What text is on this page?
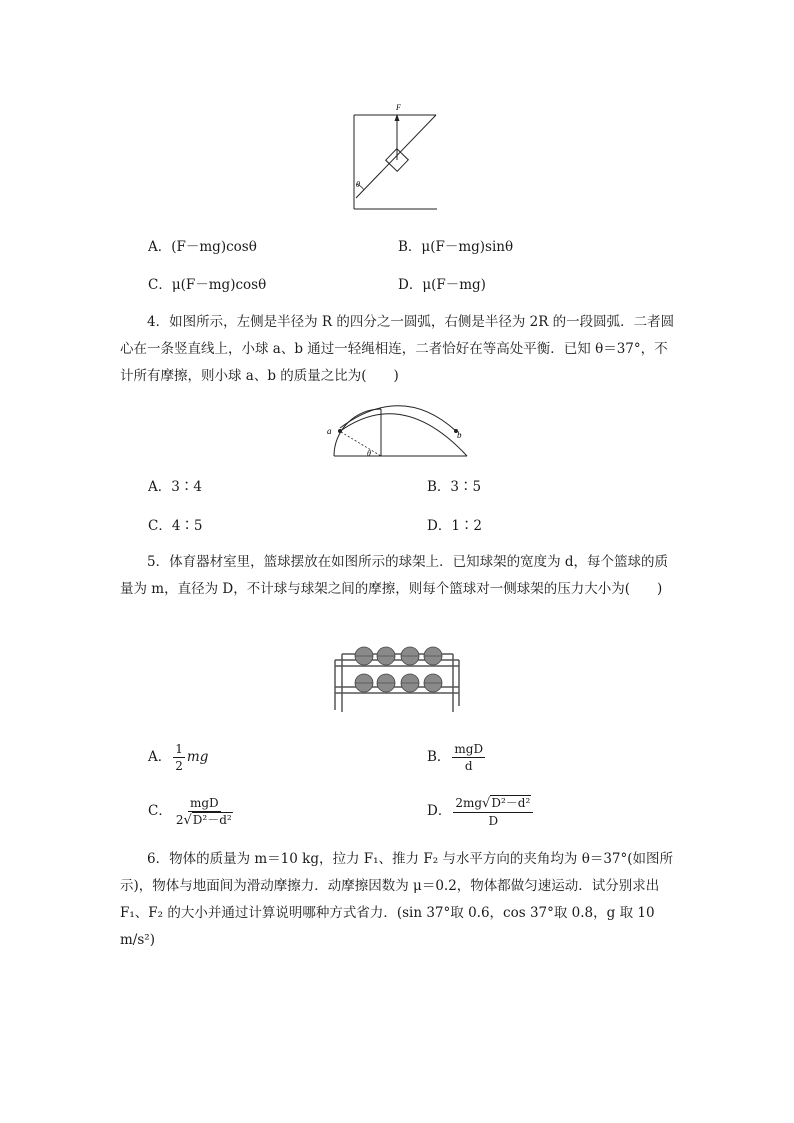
F
θ
A．(F－mg)cosθ	B．μ(F－mg)sinθ
C．μ(F－mg)cosθ	D．μ(F－mg)
4．如图所示，左侧是半径为 R 的四分之一圆弧，右侧是半径为 2R 的一段圆弧．二者圆心在一条竖直线上，小球 a、b 通过一轻绳相连，二者恰好在等高处平衡．已知 θ＝37°，不计所有摩擦，则小球 a、b 的质量之比为(　　)
a	b
θ
A．3∶4	B．3∶5
C．4∶5	D．1∶2
5．体育器材室里，篮球摆放在如图所示的球架上．已知球架的宽度为 d，每个篮球的质量为 m，直径为 D，不计球与球架之间的摩擦，则每个篮球对一侧球架的压力大小为(　　)
A． $\frac{1}{2}$ mg	B． $\frac{\text{mgD}}{d}$
C． $\frac{\text{mgD}}{\text{2√D²－d²}}$	D． $\frac{\text{2mg√D²－d²}}{D}$
6．物体的质量为 m＝10 kg，拉力 F₁、推力 F₂ 与水平方向的夹角均为 θ＝37°(如图所示)，物体与地面间为滑动摩擦力．动摩擦因数为 μ＝0.2，物体都做匀速运动．试分别求出 F₁、F₂ 的大小并通过计算说明哪种方式省力．(sin 37°取 0.6，cos 37°取 0.8，g 取 10 m/s²)
